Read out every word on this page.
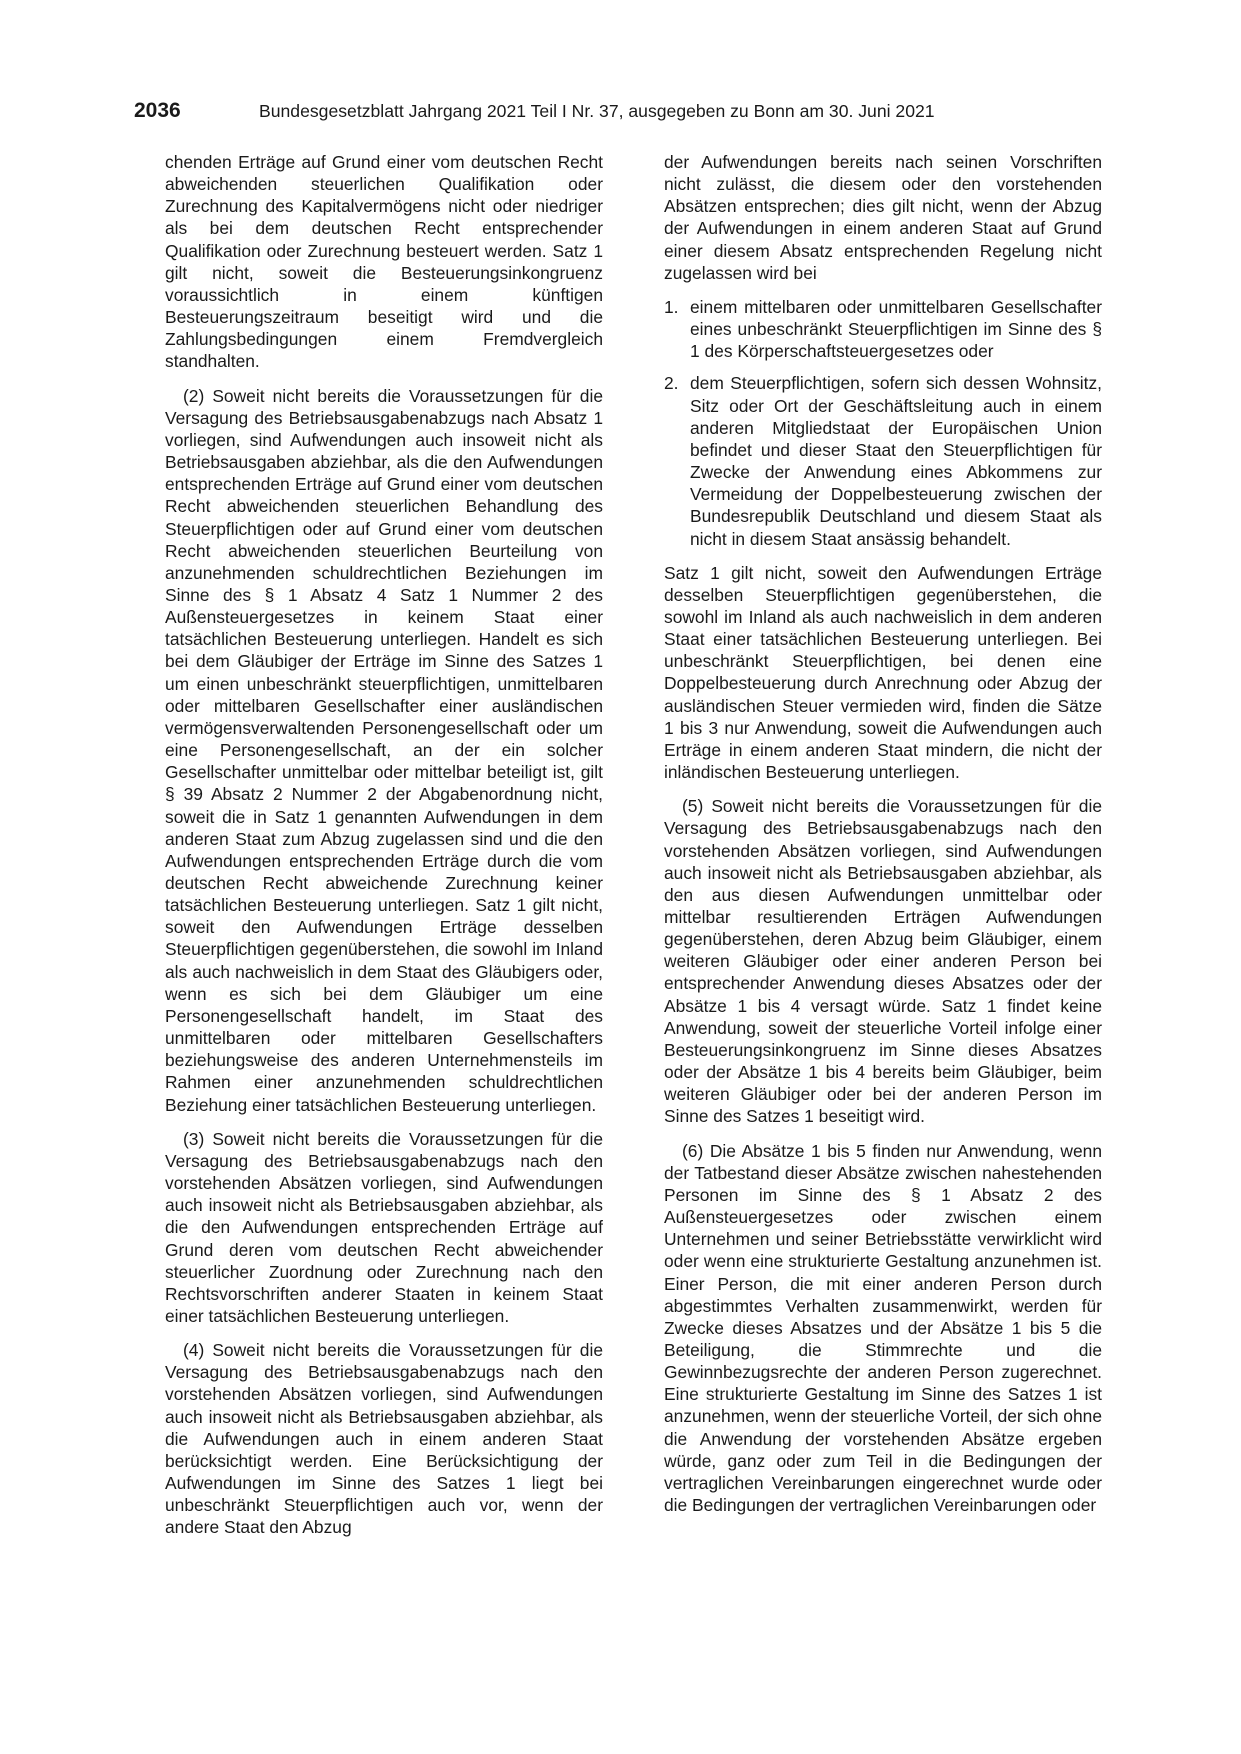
2036	Bundesgesetzblatt Jahrgang 2021 Teil I Nr. 37, ausgegeben zu Bonn am 30. Juni 2021

chenden Erträge auf Grund einer vom deutschen Recht abweichenden steuerlichen Qualifikation oder Zurechnung des Kapitalvermögens nicht oder niedriger als bei dem deutschen Recht entsprechender Qualifikation oder Zurechnung besteuert werden. Satz 1 gilt nicht, soweit die Besteuerungsinkongruenz voraussichtlich in einem künftigen Besteuerungszeitraum beseitigt wird und die Zahlungsbedingungen einem Fremdvergleich standhalten.

(2) Soweit nicht bereits die Voraussetzungen für die Versagung des Betriebsausgabenabzugs nach Absatz 1 vorliegen, sind Aufwendungen auch insoweit nicht als Betriebsausgaben abziehbar, als die den Aufwendungen entsprechenden Erträge auf Grund einer vom deutschen Recht abweichenden steuerlichen Behandlung des Steuerpflichtigen oder auf Grund einer vom deutschen Recht abweichenden steuerlichen Beurteilung von anzunehmenden schuldrechtlichen Beziehungen im Sinne des § 1 Absatz 4 Satz 1 Nummer 2 des Außensteuergesetzes in keinem Staat einer tatsächlichen Besteuerung unterliegen. Handelt es sich bei dem Gläubiger der Erträge im Sinne des Satzes 1 um einen unbeschränkt steuerpflichtigen, unmittelbaren oder mittelbaren Gesellschafter einer ausländischen vermögensverwaltenden Personengesellschaft oder um eine Personengesellschaft, an der ein solcher Gesellschafter unmittelbar oder mittelbar beteiligt ist, gilt § 39 Absatz 2 Nummer 2 der Abgabenordnung nicht, soweit die in Satz 1 genannten Aufwendungen in dem anderen Staat zum Abzug zugelassen sind und die den Aufwendungen entsprechenden Erträge durch die vom deutschen Recht abweichende Zurechnung keiner tatsächlichen Besteuerung unterliegen. Satz 1 gilt nicht, soweit den Aufwendungen Erträge desselben Steuerpflichtigen gegenüberstehen, die sowohl im Inland als auch nachweislich in dem Staat des Gläubigers oder, wenn es sich bei dem Gläubiger um eine Personengesellschaft handelt, im Staat des unmittelbaren oder mittelbaren Gesellschafters beziehungsweise des anderen Unternehmensteils im Rahmen einer anzunehmenden schuldrechtlichen Beziehung einer tatsächlichen Besteuerung unterliegen.

(3) Soweit nicht bereits die Voraussetzungen für die Versagung des Betriebsausgabenabzugs nach den vorstehenden Absätzen vorliegen, sind Aufwendungen auch insoweit nicht als Betriebsausgaben abziehbar, als die den Aufwendungen entsprechenden Erträge auf Grund deren vom deutschen Recht abweichender steuerlicher Zuordnung oder Zurechnung nach den Rechtsvorschriften anderer Staaten in keinem Staat einer tatsächlichen Besteuerung unterliegen.

(4) Soweit nicht bereits die Voraussetzungen für die Versagung des Betriebsausgabenabzugs nach den vorstehenden Absätzen vorliegen, sind Aufwendungen auch insoweit nicht als Betriebsausgaben abziehbar, als die Aufwendungen auch in einem anderen Staat berücksichtigt werden. Eine Berücksichtigung der Aufwendungen im Sinne des Satzes 1 liegt bei unbeschränkt Steuerpflichtigen auch vor, wenn der andere Staat den Abzug

der Aufwendungen bereits nach seinen Vorschriften nicht zulässt, die diesem oder den vorstehenden Absätzen entsprechen; dies gilt nicht, wenn der Abzug der Aufwendungen in einem anderen Staat auf Grund einer diesem Absatz entsprechenden Regelung nicht zugelassen wird bei

1. einem mittelbaren oder unmittelbaren Gesellschafter eines unbeschränkt Steuerpflichtigen im Sinne des § 1 des Körperschaftsteuergesetzes oder
2. dem Steuerpflichtigen, sofern sich dessen Wohnsitz, Sitz oder Ort der Geschäftsleitung auch in einem anderen Mitgliedstaat der Europäischen Union befindet und dieser Staat den Steuerpflichtigen für Zwecke der Anwendung eines Abkommens zur Vermeidung der Doppelbesteuerung zwischen der Bundesrepublik Deutschland und diesem Staat als nicht in diesem Staat ansässig behandelt.

Satz 1 gilt nicht, soweit den Aufwendungen Erträge desselben Steuerpflichtigen gegenüberstehen, die sowohl im Inland als auch nachweislich in dem anderen Staat einer tatsächlichen Besteuerung unterliegen. Bei unbeschränkt Steuerpflichtigen, bei denen eine Doppelbesteuerung durch Anrechnung oder Abzug der ausländischen Steuer vermieden wird, finden die Sätze 1 bis 3 nur Anwendung, soweit die Aufwendungen auch Erträge in einem anderen Staat mindern, die nicht der inländischen Besteuerung unterliegen.

(5) Soweit nicht bereits die Voraussetzungen für die Versagung des Betriebsausgabenabzugs nach den vorstehenden Absätzen vorliegen, sind Aufwendungen auch insoweit nicht als Betriebsausgaben abziehbar, als den aus diesen Aufwendungen unmittelbar oder mittelbar resultierenden Erträgen Aufwendungen gegenüberstehen, deren Abzug beim Gläubiger, einem weiteren Gläubiger oder einer anderen Person bei entsprechender Anwendung dieses Absatzes oder der Absätze 1 bis 4 versagt würde. Satz 1 findet keine Anwendung, soweit der steuerliche Vorteil infolge einer Besteuerungsinkongruenz im Sinne dieses Absatzes oder der Absätze 1 bis 4 bereits beim Gläubiger, beim weiteren Gläubiger oder bei der anderen Person im Sinne des Satzes 1 beseitigt wird.

(6) Die Absätze 1 bis 5 finden nur Anwendung, wenn der Tatbestand dieser Absätze zwischen nahestehenden Personen im Sinne des § 1 Absatz 2 des Außensteuergesetzes oder zwischen einem Unternehmen und seiner Betriebsstätte verwirklicht wird oder wenn eine strukturierte Gestaltung anzunehmen ist. Einer Person, die mit einer anderen Person durch abgestimmtes Verhalten zusammenwirkt, werden für Zwecke dieses Absatzes und der Absätze 1 bis 5 die Beteiligung, die Stimmrechte und die Gewinnbezugsrechte der anderen Person zugerechnet. Eine strukturierte Gestaltung im Sinne des Satzes 1 ist anzunehmen, wenn der steuerliche Vorteil, der sich ohne die Anwendung der vorstehenden Absätze ergeben würde, ganz oder zum Teil in die Bedingungen der vertraglichen Vereinbarungen eingerechnet wurde oder die Bedingungen der vertraglichen Vereinbarungen oder
